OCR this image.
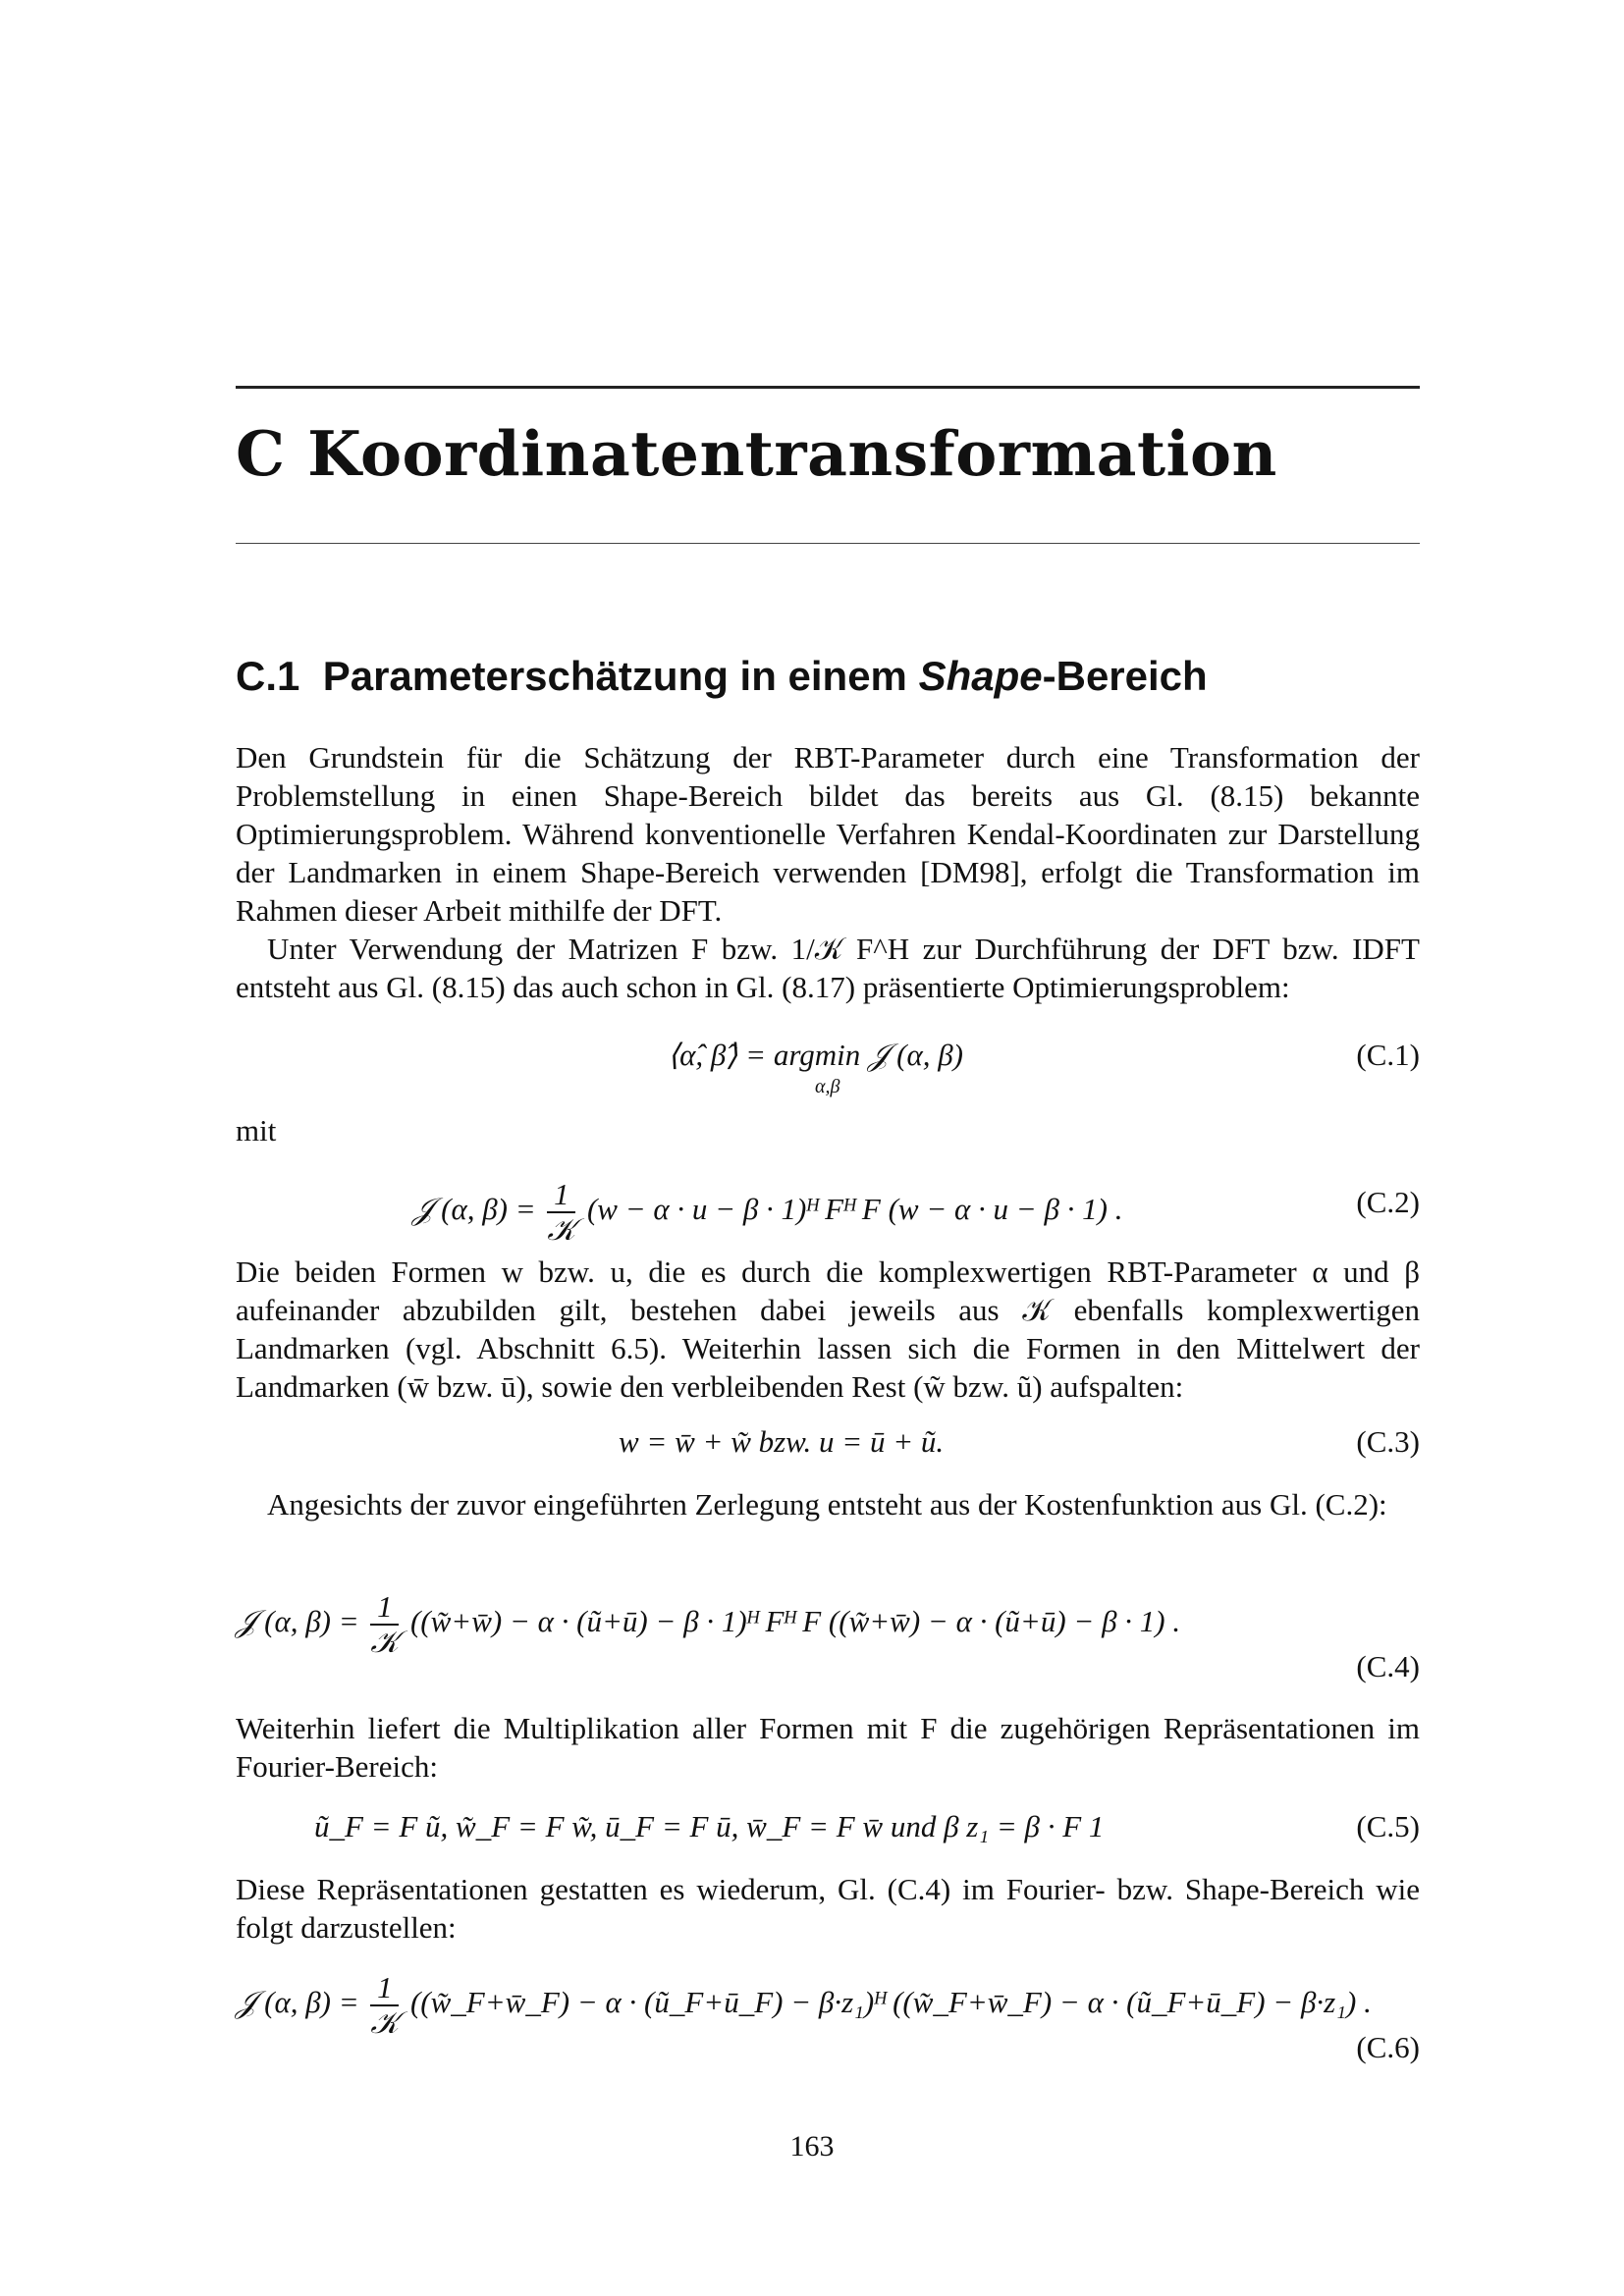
C Koordinatentransformation
C.1 Parameterschätzung in einem Shape-Bereich

Den Grundstein für die Schätzung der RBT-Parameter durch eine Transformation der Problemstellung in einen Shape-Bereich bildet das bereits aus Gl. (8.15) bekannte Optimierungsproblem. Während konventionelle Verfahren Kendal-Koordinaten zur Darstellung der Landmarken in einem Shape-Bereich verwenden [DM98], erfolgt die Transformation im Rahmen dieser Arbeit mithilfe der DFT.

Unter Verwendung der Matrizen F bzw. 1/𝒦 F^H zur Durchführung der DFT bzw. IDFT entsteht aus Gl. (8.15) das auch schon in Gl. (8.17) präsentierte Optimierungsproblem:

⟨α̂, β̂⟩ = argmin 𝒥 (α, β)
α,β
(C.1)

mit

𝒥 (α, $\beta) = \frac{1}{\text{𝒦}} (w - \alpha \cdot u - \beta$ · 1)ᴴ Fᴴ F (w − α · u − β · 1) .	(C.2)

Die beiden Formen w bzw. u, die es durch die komplexwertigen RBT-Parameter α und β aufeinander abzubilden gilt, bestehen dabei jeweils aus 𝒦 ebenfalls komplexwertigen Landmarken (vgl. Abschnitt 6.5). Weiterhin lassen sich die Formen in den Mittelwert der Landmarken (w̄ bzw. ū), sowie den verbleibenden Rest (w̃ bzw. ũ) aufspalten:

w = w̄ + w̃ bzw. u = ū + ũ.	(C.3)

Angesichts der zuvor eingeführten Zerlegung entsteht aus der Kostenfunktion aus Gl. (C.2):

𝒥 (α, $\beta) = \frac{1}{\text{𝒦}}$ ((w̃+w̄) − α · (ũ+ū) − β · 1)ᴴ Fᴴ F ((w̃+w̄) − α · (ũ+ū) − β · 1) .
(C.4)

Weiterhin liefert die Multiplikation aller Formen mit F die zugehörigen Repräsentationen im Fourier-Bereich:

ũ_F = F ũ, w̃_F = F w̃, ū_F = F ū, w̄_F = F w̄ und β z₁ = β · F 1	(C.5)

Diese Repräsentationen gestatten es wiederum, Gl. (C.4) im Fourier- bzw. Shape-Bereich wie folgt darzustellen:

𝒥 (α, $\beta) = \frac{1}{\text{𝒦}}$ ((w̃_F+w̄_F) − α · (ũ_F+ū_F) − β·z₁)ᴴ ((w̃_F+w̄_F) − α · (ũ_F+ū_F) − β·z₁) .
(C.6)
163
